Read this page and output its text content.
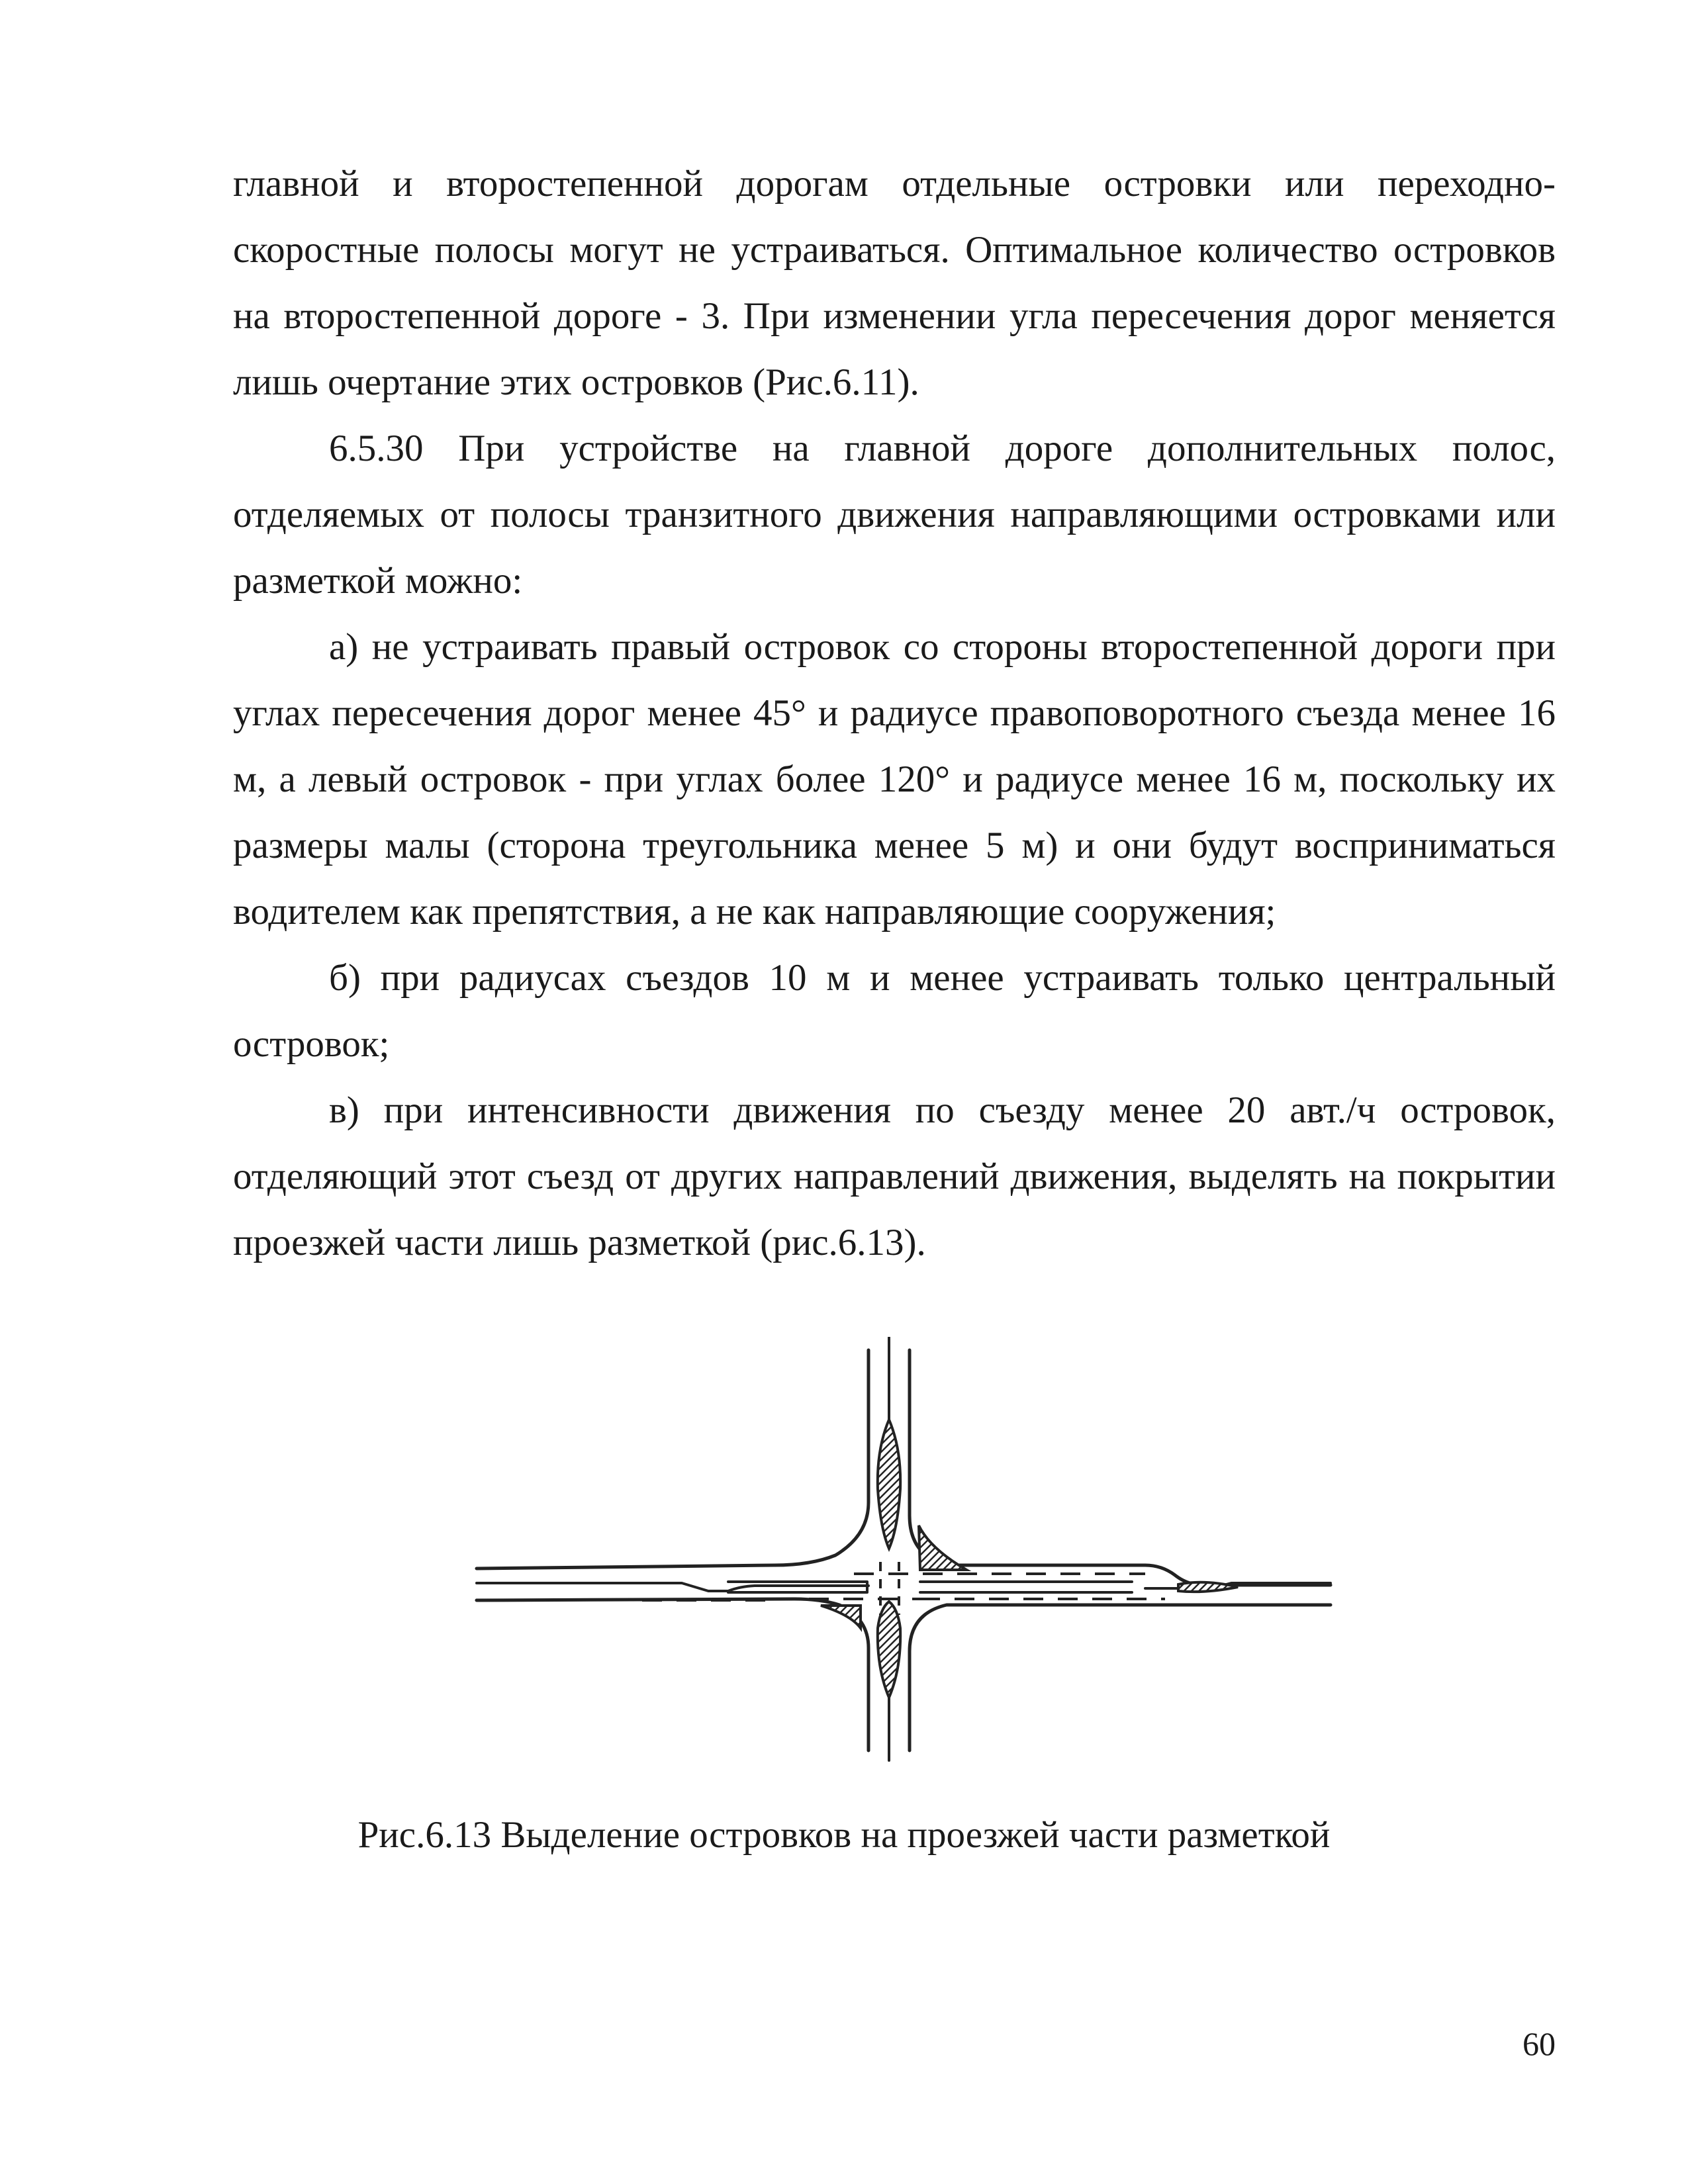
главной и второстепенной дорогам отдельные островки или переходно-скоростные полосы могут не устраиваться. Оптимальное количество островков на второстепенной дороге - 3. При изменении угла пересечения дорог меняется лишь очертание этих островков (Рис.6.11).

6.5.30 При устройстве на главной дороге дополнительных полос, отделяемых от полосы транзитного движения направляющими островками или разметкой можно:

а) не устраивать правый островок со стороны второстепенной дороги при углах пересечения дорог менее 45° и радиусе правоповоротного съезда менее 16 м, а левый островок - при углах более 120° и радиусе менее 16 м, поскольку их размеры малы (сторона треугольника менее 5 м) и они будут восприниматься водителем как препятствия, а не как направляющие сооружения;

б) при радиусах съездов 10 м и менее устраивать только центральный островок;

в) при интенсивности движения по съезду менее 20 авт./ч островок, отделяющий этот съезд от других направлений движения, выделять на покрытии проезжей части лишь разметкой (рис.6.13).

Рис.6.13 Выделение островков на проезжей части разметкой
60
